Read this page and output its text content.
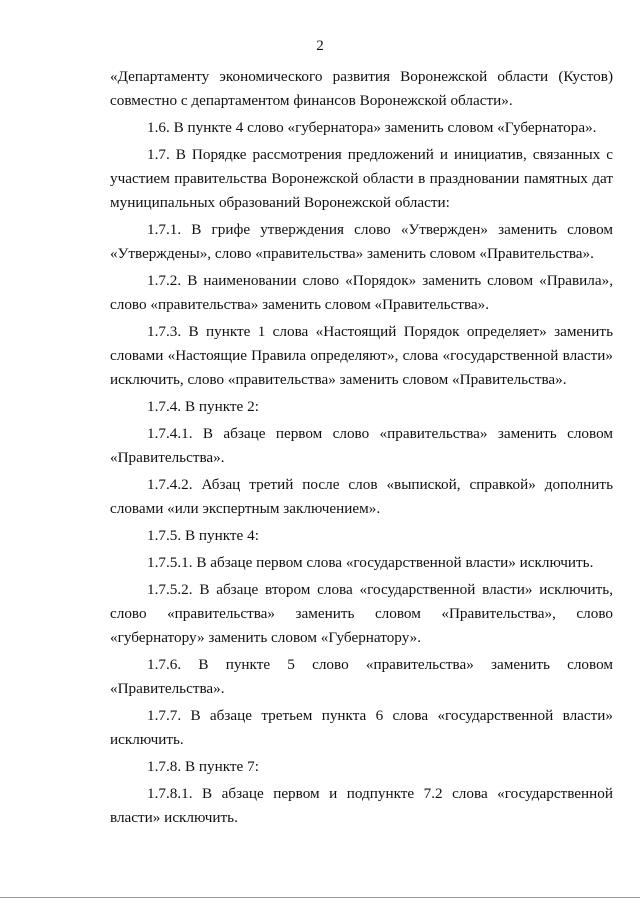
2

«Департаменту экономического развития Воронежской области (Кустов) совместно с департаментом финансов Воронежской области».

1.6. В пункте 4 слово «губернатора» заменить словом «Губернатора».

1.7. В Порядке рассмотрения предложений и инициатив, связанных с участием правительства Воронежской области в праздновании памятных дат муниципальных образований Воронежской области:

1.7.1. В грифе утверждения слово «Утвержден» заменить словом «Утверждены», слово «правительства» заменить словом «Правительства».

1.7.2. В наименовании слово «Порядок» заменить словом «Правила», слово «правительства» заменить словом «Правительства».

1.7.3. В пункте 1 слова «Настоящий Порядок определяет» заменить словами «Настоящие Правила определяют», слова «государственной власти» исключить, слово «правительства» заменить словом «Правительства».

1.7.4. В пункте 2:

1.7.4.1. В абзаце первом слово «правительства» заменить словом «Правительства».

1.7.4.2. Абзац третий после слов «выпиской, справкой» дополнить словами «или экспертным заключением».

1.7.5. В пункте 4:

1.7.5.1. В абзаце первом слова «государственной власти» исключить.

1.7.5.2. В абзаце втором слова «государственной власти» исключить, слово «правительства» заменить словом «Правительства», слово «губернатору» заменить словом «Губернатору».

1.7.6. В пункте 5 слово «правительства» заменить словом «Правительства».

1.7.7. В абзаце третьем пункта 6 слова «государственной власти» исключить.

1.7.8. В пункте 7:

1.7.8.1. В абзаце первом и подпункте 7.2 слова «государственной власти» исключить.
